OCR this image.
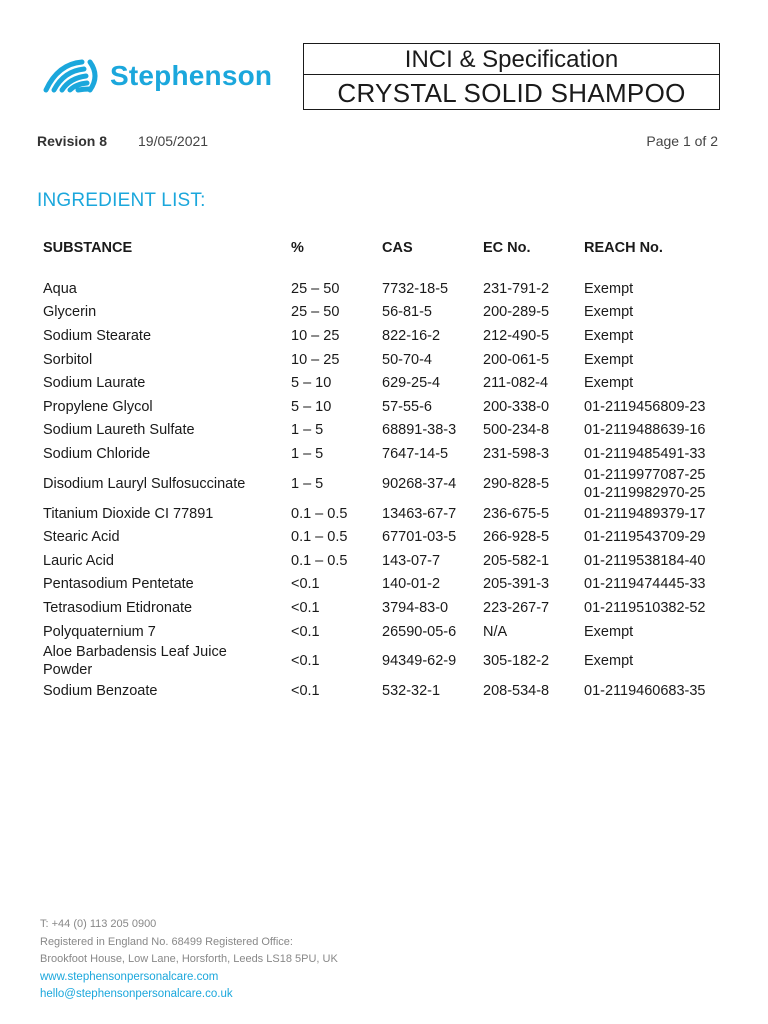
Stephenson
INCI & Specification
CRYSTAL SOLID SHAMPOO
Revision 8 19/05/2021	Page 1 of 2
INGREDIENT LIST:
SUBSTANCE	%	CAS	EC No.	REACH No.

Aqua	25 – 50	7732-18-5	231-791-2	Exempt
Glycerin	25 – 50	56-81-5	200-289-5	Exempt
Sodium Stearate	10 – 25	822-16-2	212-490-5	Exempt
Sorbitol	10 – 25	50-70-4	200-061-5	Exempt
Sodium Laurate	5 – 10	629-25-4	211-082-4	Exempt
Propylene Glycol	5 – 10	57-55-6	200-338-0	01-2119456809-23
Sodium Laureth Sulfate	1 – 5	68891-38-3	500-234-8	01-2119488639-16
Sodium Chloride	1 – 5	7647-14-5	231-598-3	01-2119485491-33
Disodium Lauryl Sulfosuccinate	1 – 5	90268-37-4	290-828-5	01-2119977087-25
01-2119982970-25
Titanium Dioxide CI 77891	0.1 – 0.5	13463-67-7	236-675-5	01-2119489379-17
Stearic Acid	0.1 – 0.5	67701-03-5	266-928-5	01-2119543709-29
Lauric Acid	0.1 – 0.5	143-07-7	205-582-1	01-2119538184-40
Pentasodium Pentetate	<0.1	140-01-2	205-391-3	01-2119474445-33
Tetrasodium Etidronate	<0.1	3794-83-0	223-267-7	01-2119510382-52
Polyquaternium 7	<0.1	26590-05-6	N/A	Exempt
Aloe Barbadensis Leaf Juice Powder	<0.1	94349-62-9	305-182-2	Exempt
Sodium Benzoate	<0.1	532-32-1	208-534-8	01-2119460683-35
T: +44 (0) 113 205 0900
Registered in England No. 68499 Registered Office:
Brookfoot House, Low Lane, Horsforth, Leeds LS18 5PU, UK
www.stephensonpersonalcare.com
hello@stephensonpersonalcare.co.uk
